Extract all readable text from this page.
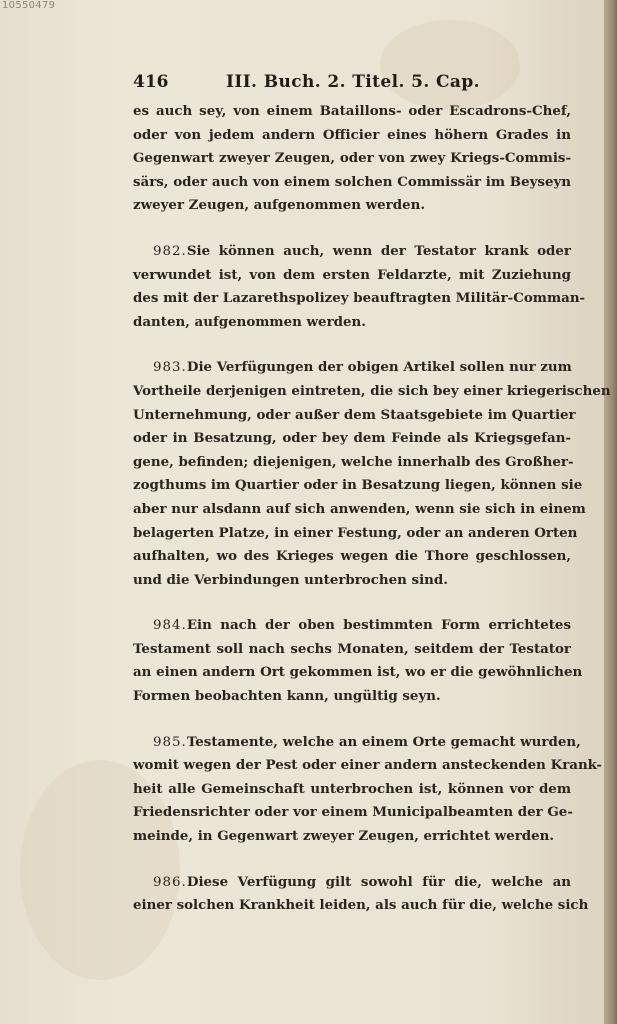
10550479
416	III. Buch. 2. Titel. 5. Cap.
es auch sey, von einem Bataillons- oder Escadrons-Chef,
oder von jedem andern Officier eines höhern Grades in
Gegenwart zweyer Zeugen, oder von zwey Kriegs-Commis-
särs, oder auch von einem solchen Commissär im Beyseyn
zweyer Zeugen, aufgenommen werden.
982.Sie können auch, wenn der Testator krank oder
verwundet ist, von dem ersten Feldarzte, mit Zuziehung
des mit der Lazarethspolizey beauftragten Militär-Comman-
danten, aufgenommen werden.
983.Die Verfügungen der obigen Artikel sollen nur zum
Vortheile derjenigen eintreten, die sich bey einer kriegerischen
Unternehmung, oder außer dem Staatsgebiete im Quartier
oder in Besatzung, oder bey dem Feinde als Kriegsgefan-
gene, befinden; diejenigen, welche innerhalb des Großher-
zogthums im Quartier oder in Besatzung liegen, können sie
aber nur alsdann auf sich anwenden, wenn sie sich in einem
belagerten Platze, in einer Festung, oder an anderen Orten
aufhalten, wo des Krieges wegen die Thore geschlossen,
und die Verbindungen unterbrochen sind.
984.Ein nach der oben bestimmten Form errichtetes
Testament soll nach sechs Monaten, seitdem der Testator
an einen andern Ort gekommen ist, wo er die gewöhnlichen
Formen beobachten kann, ungültig seyn.
985.Testamente, welche an einem Orte gemacht wurden,
womit wegen der Pest oder einer andern ansteckenden Krank-
heit alle Gemeinschaft unterbrochen ist, können vor dem
Friedensrichter oder vor einem Municipalbeamten der Ge-
meinde, in Gegenwart zweyer Zeugen, errichtet werden.
986.Diese Verfügung gilt sowohl für die, welche an
einer solchen Krankheit leiden, als auch für die, welche sich
